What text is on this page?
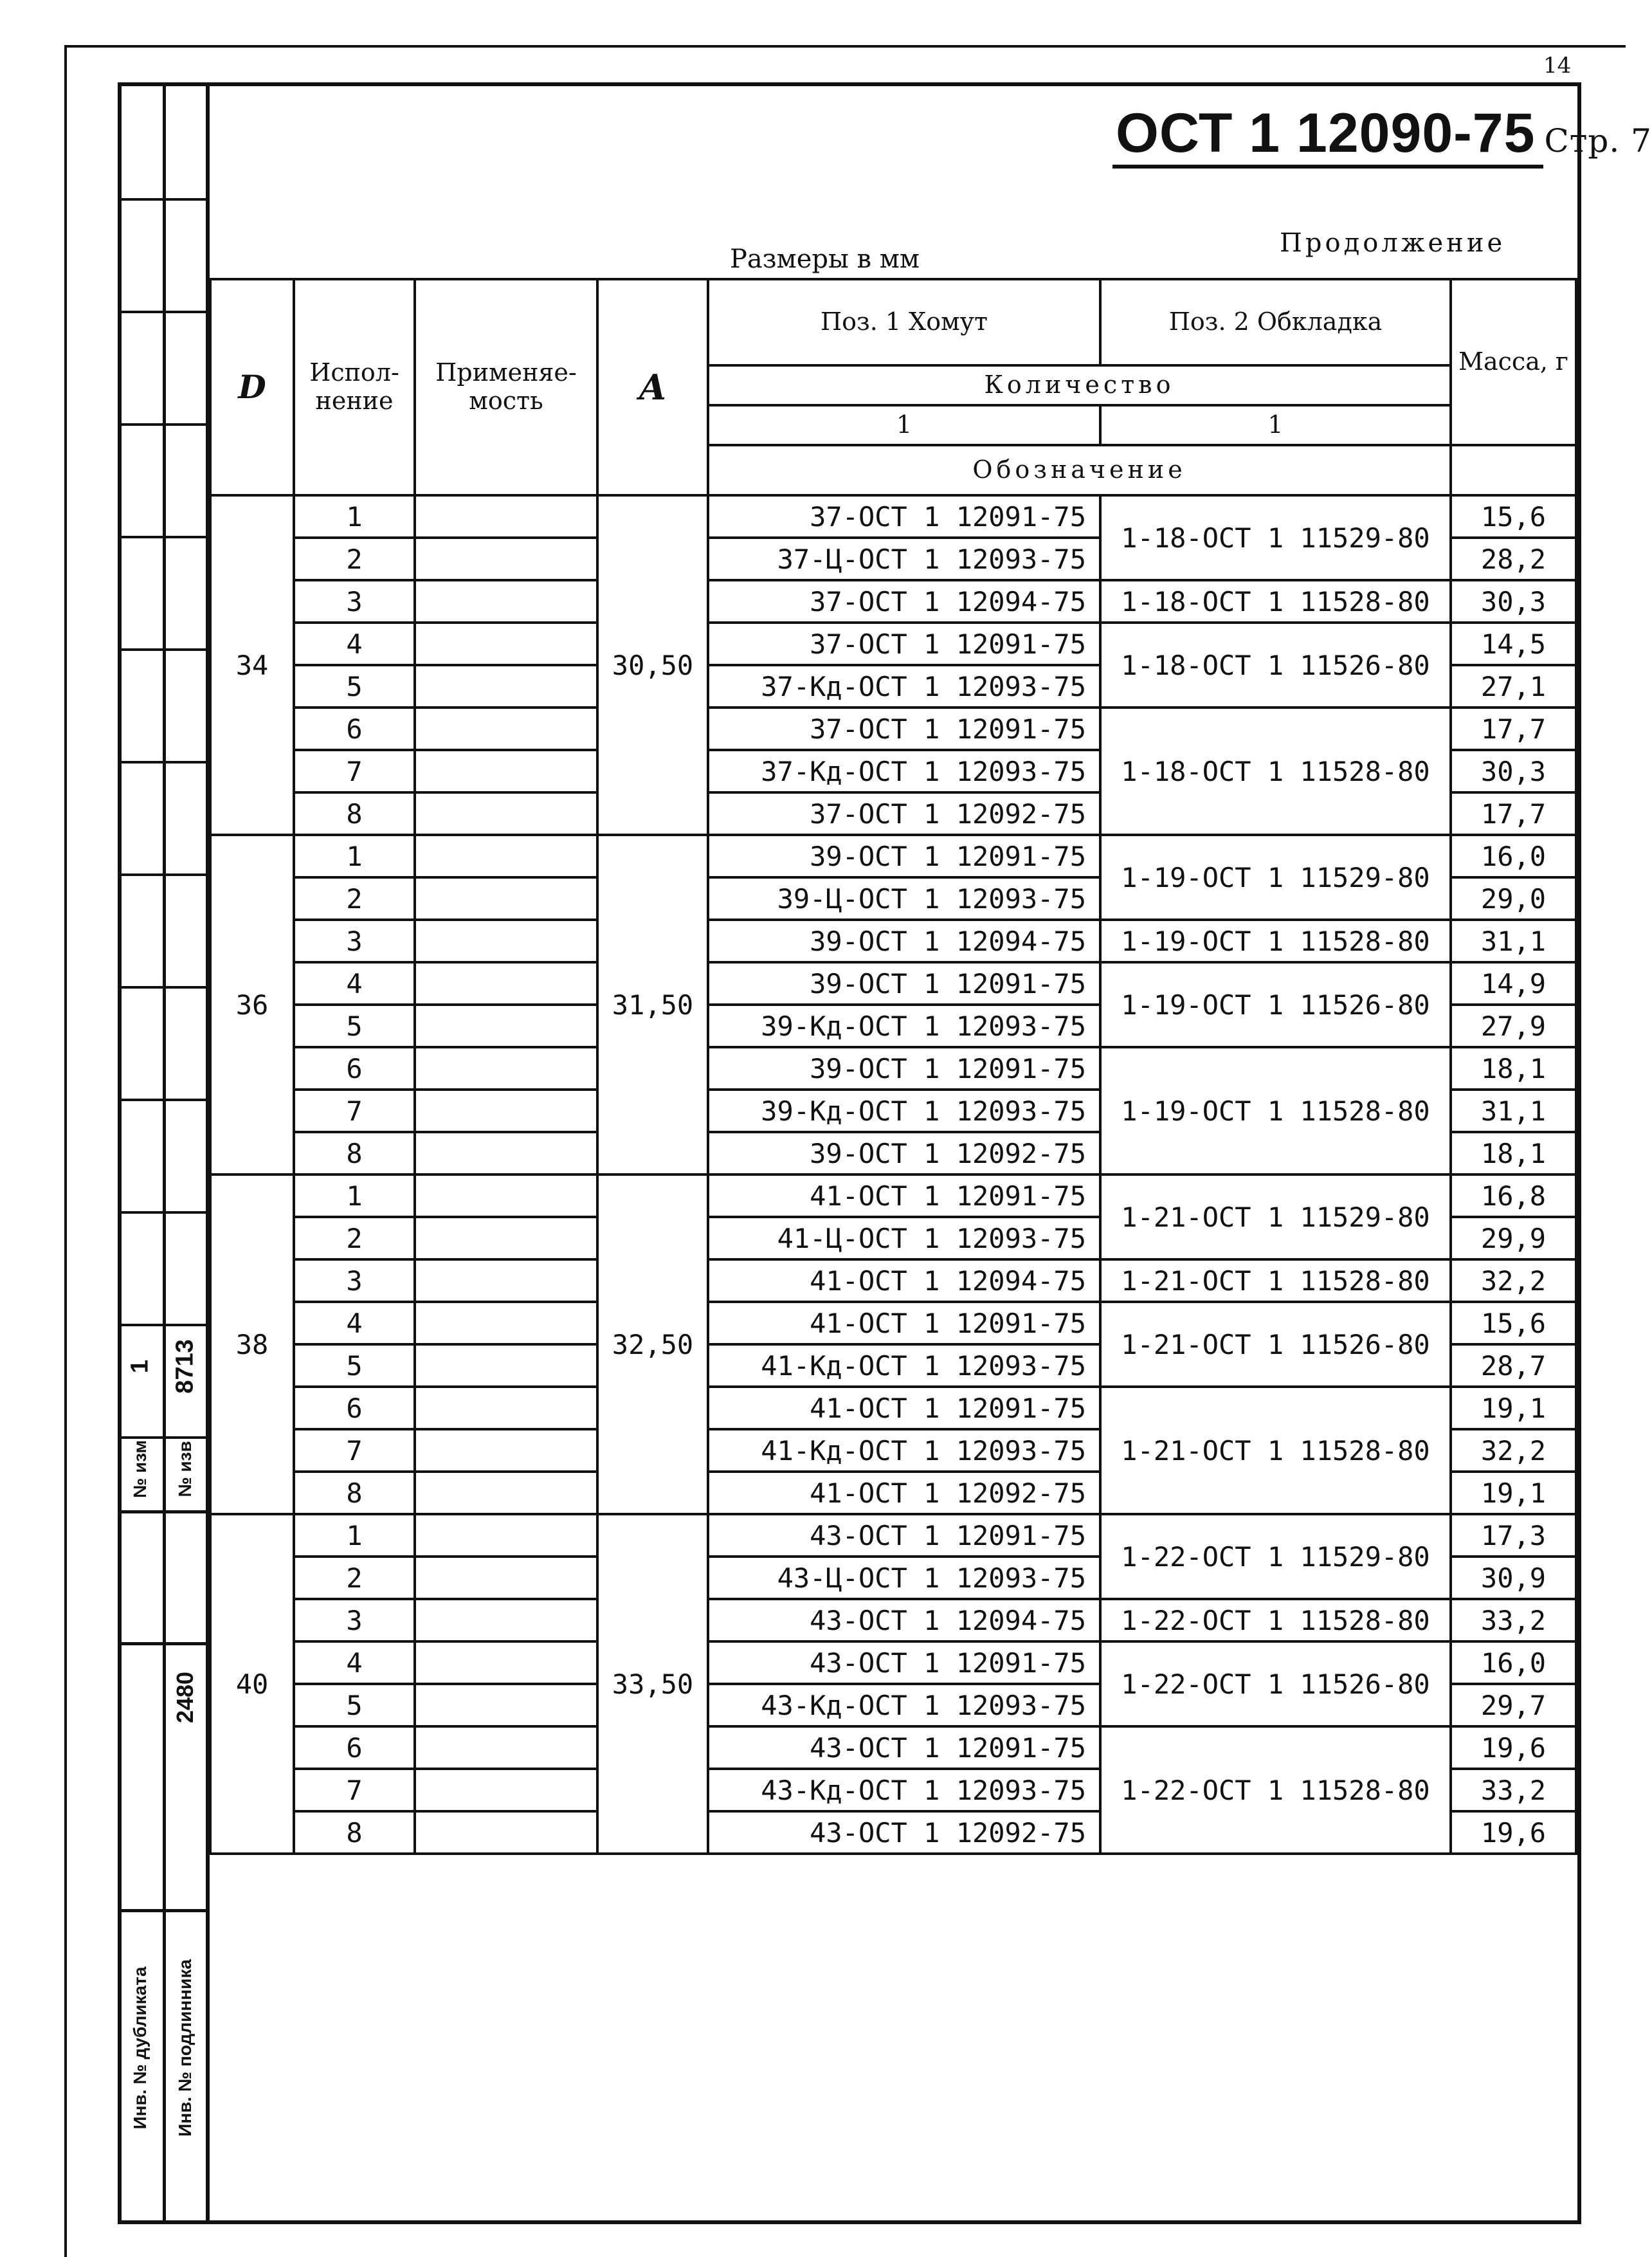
14
1 8713
№ изм № изв
2480
Инв. № дубликата Инв. № подлинника
ОСТ 1 12090-75 Стр. 7
Размеры в мм
Продолжение
D	Испол- нение	Применяе- мость	A	Поз. 1 Хомут	Поз. 2 Обкладка	Масса, г
				Количество		
				1	1	
				Обозначение		
34	1		30,50	37-ОСТ 1 12091-75	1-18-ОСТ 1 11529-80	15,6
	2			37-Ц-ОСТ 1 12093-75		28,2
	3			37-ОСТ 1 12094-75	1-18-ОСТ 1 11528-80	30,3
	4			37-ОСТ 1 12091-75	1-18-ОСТ 1 11526-80	14,5
	5			37-Кд-ОСТ 1 12093-75		27,1
	6			37-ОСТ 1 12091-75	1-18-ОСТ 1 11528-80	17,7
	7			37-Кд-ОСТ 1 12093-75		30,3
	8			37-ОСТ 1 12092-75		17,7
36	1		31,50	39-ОСТ 1 12091-75	1-19-ОСТ 1 11529-80	16,0
	2			39-Ц-ОСТ 1 12093-75		29,0
	3			39-ОСТ 1 12094-75	1-19-ОСТ 1 11528-80	31,1
	4			39-ОСТ 1 12091-75	1-19-ОСТ 1 11526-80	14,9
	5			39-Кд-ОСТ 1 12093-75		27,9
	6			39-ОСТ 1 12091-75	1-19-ОСТ 1 11528-80	18,1
	7			39-Кд-ОСТ 1 12093-75		31,1
	8			39-ОСТ 1 12092-75		18,1
38	1		32,50	41-ОСТ 1 12091-75	1-21-ОСТ 1 11529-80	16,8
	2			41-Ц-ОСТ 1 12093-75		29,9
	3			41-ОСТ 1 12094-75	1-21-ОСТ 1 11528-80	32,2
	4			41-ОСТ 1 12091-75	1-21-ОСТ 1 11526-80	15,6
	5			41-Кд-ОСТ 1 12093-75		28,7
	6			41-ОСТ 1 12091-75	1-21-ОСТ 1 11528-80	19,1
	7			41-Кд-ОСТ 1 12093-75		32,2
	8			41-ОСТ 1 12092-75		19,1
40	1		33,50	43-ОСТ 1 12091-75	1-22-ОСТ 1 11529-80	17,3
	2			43-Ц-ОСТ 1 12093-75		30,9
	3			43-ОСТ 1 12094-75	1-22-ОСТ 1 11528-80	33,2
	4			43-ОСТ 1 12091-75	1-22-ОСТ 1 11526-80	16,0
	5			43-Кд-ОСТ 1 12093-75		29,7
	6			43-ОСТ 1 12091-75	1-22-ОСТ 1 11528-80	19,6
	7			43-Кд-ОСТ 1 12093-75		33,2
	8			43-ОСТ 1 12092-75		19,6
